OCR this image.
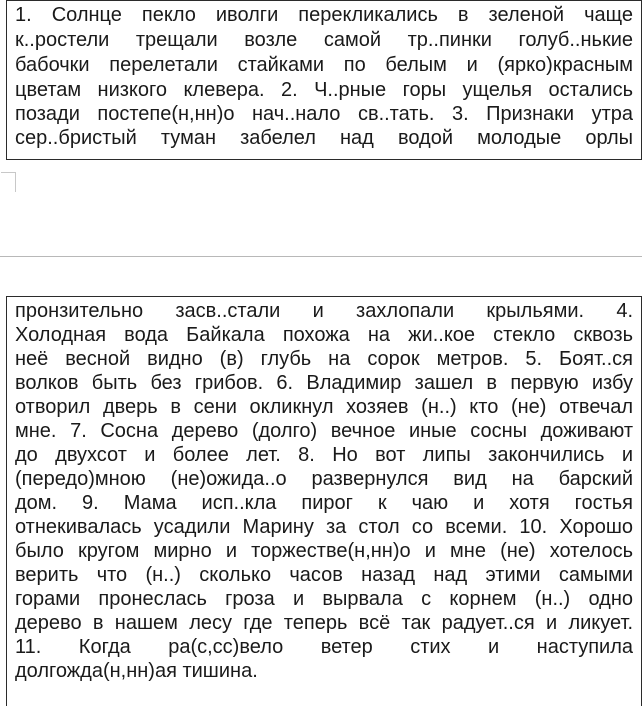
1. Солнце пекло иволги перекликались в зеленой чаще
к..ростели трещали возле самой тр..пинки голуб..нькие
бабочки перелетали стайками по белым и (ярко)красным
цветам низкого клевера. 2. Ч..рные горы ущелья остались
позади постепе(н,нн)о нач..нало св..тать. 3. Признаки утра
сер..бристый туман забелел над водой молодые орлы
пронзительно засв..стали и захлопали крыльями. 4.
Холодная вода Байкала похожа на жи..кое стекло сквозь
неё весной видно (в) глубь на сорок метров. 5. Боят..ся
волков быть без грибов. 6. Владимир зашел в первую избу
отворил дверь в сени окликнул хозяев (н..) кто (не) отвечал
мне. 7. Сосна дерево (долго) вечное иные сосны доживают
до двухсот и более лет. 8. Но вот липы закончились и
(передо)мною (не)ожида..о развернулся вид на барский
дом. 9. Мама исп..кла пирог к чаю и хотя гостья
отнекивалась усадили Марину за стол со всеми. 10. Хорошо
было кругом мирно и торжестве(н,нн)о и мне (не) хотелось
верить что (н..) сколько часов назад над этими самыми
горами пронеслась гроза и вырвала с корнем (н..) одно
дерево в нашем лесу где теперь всё так радует..ся и ликует.
11. Когда ра(с,сс)вело ветер стих и наступила
долгожда(н,нн)ая тишина.
